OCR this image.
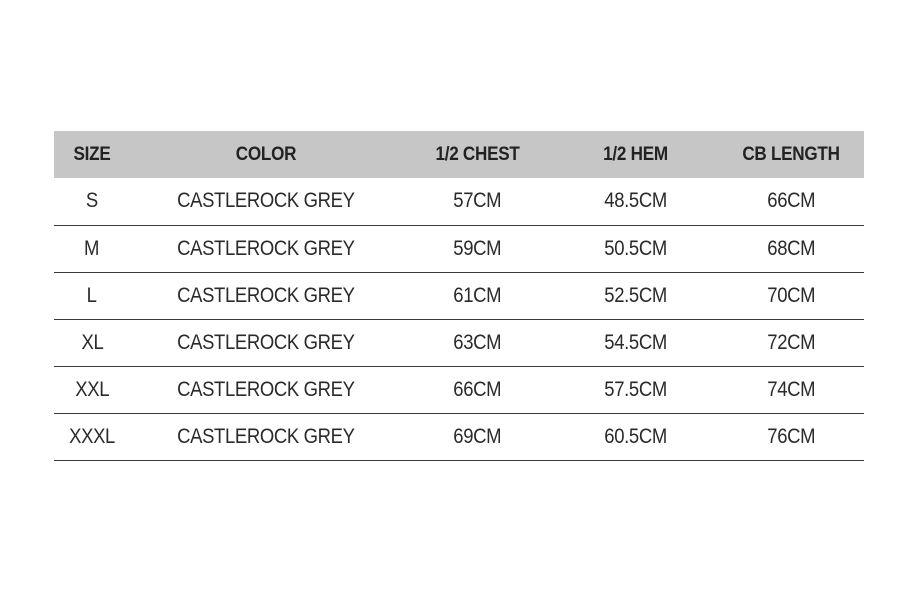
SIZE	COLOR	1/2 CHEST	1/2 HEM	CB LENGTH
S	CASTLEROCK GREY	57CM	48.5CM	66CM
M	CASTLEROCK GREY	59CM	50.5CM	68CM
L	CASTLEROCK GREY	61CM	52.5CM	70CM
XL	CASTLEROCK GREY	63CM	54.5CM	72CM
XXL	CASTLEROCK GREY	66CM	57.5CM	74CM
XXXL	CASTLEROCK GREY	69CM	60.5CM	76CM
